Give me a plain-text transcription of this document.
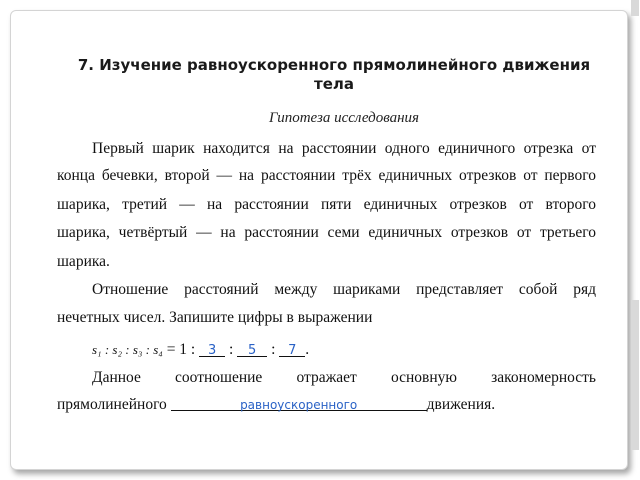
7. Изучение равноускоренного прямолинейного движения
тела
Гипотеза исследования
Первый шарик находится на расстоянии одного единичного отрезка от
конца бечевки, второй — на расстоянии трёх единичных отрезков от первого
шарика, третий — на расстоянии пяти единичных отрезков от второго
шарика, четвёртый — на расстоянии семи единичных отрезков от третьего
шарика.
Отношение расстояний между шариками представляет собой ряд
нечетных чисел. Запишите цифры в выражении
s₁ : s₂ : s₃ : s₄ = 1 : 3 : 5 : 7 .
Данное соотношение отражает основную закономерность
прямолинейного	равноускоренного	движения.
